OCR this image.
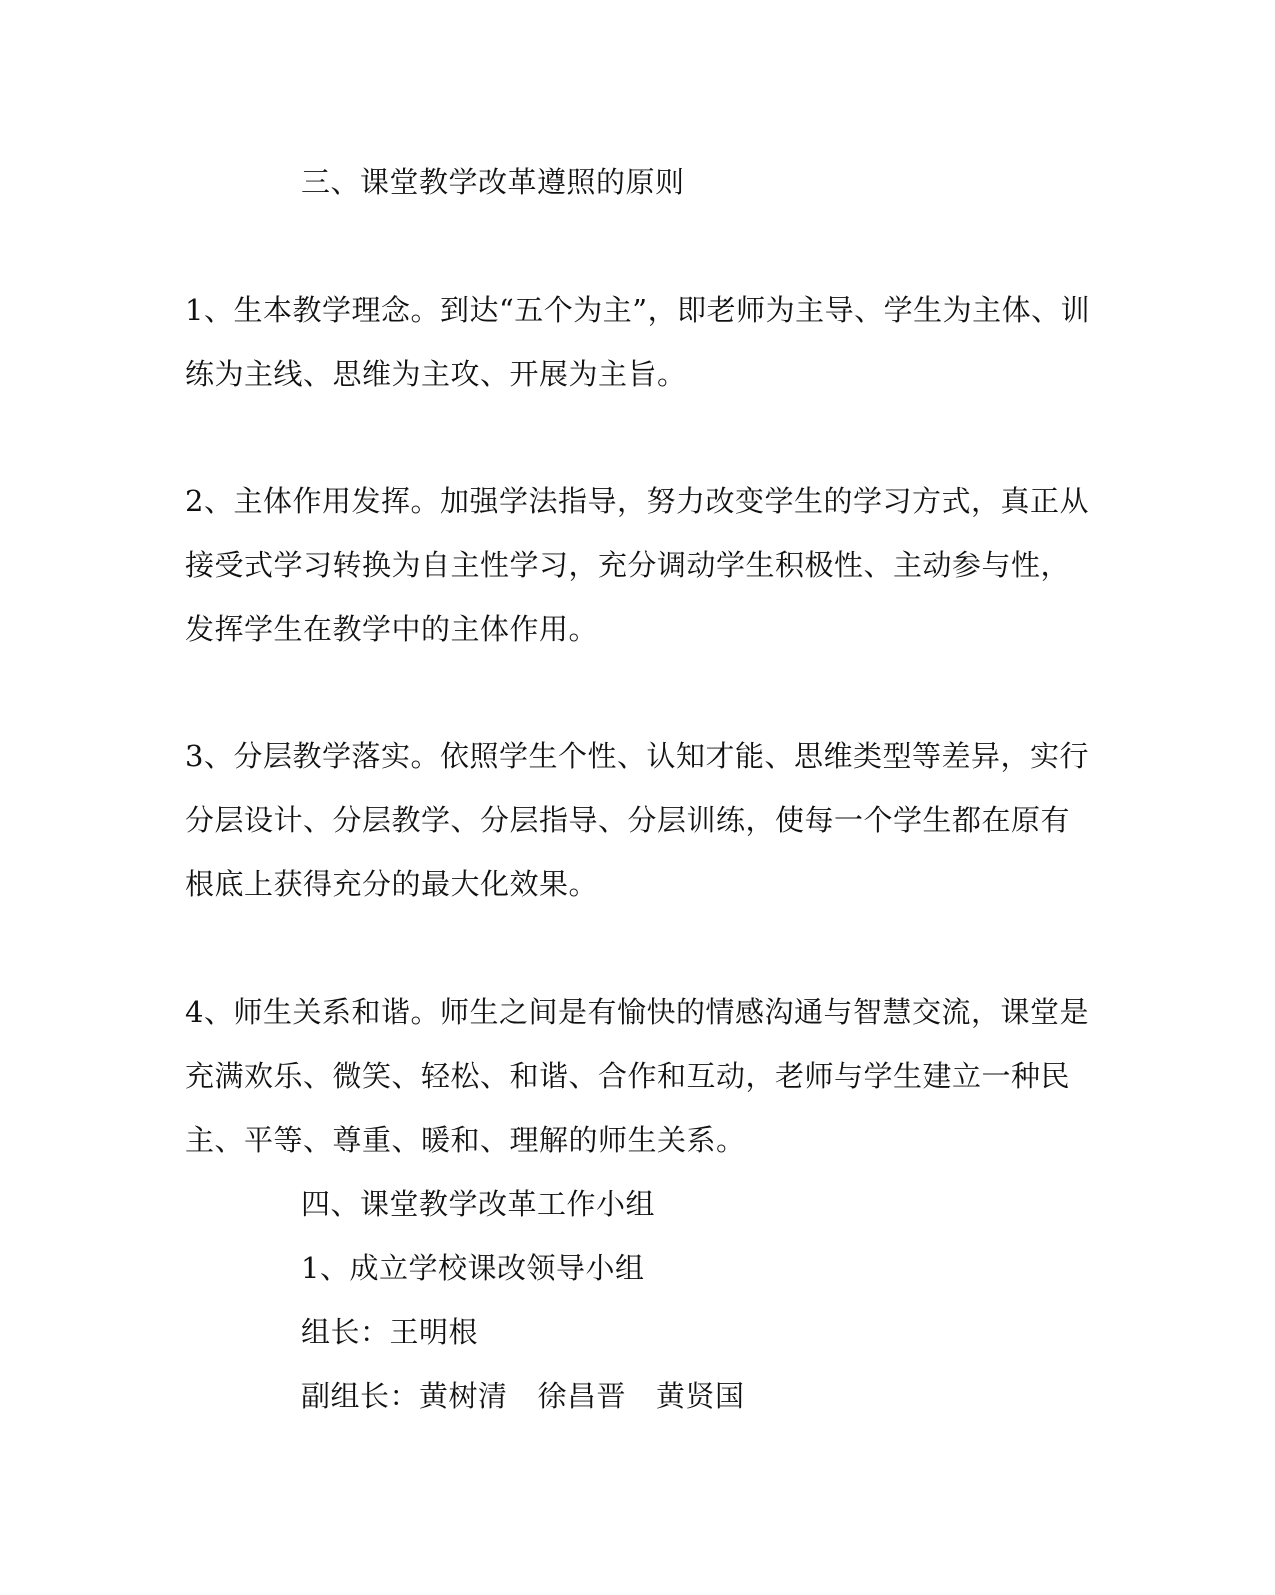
三、课堂教学改革遵照的原则
1、生本教学理念。到达“五个为主”，即老师为主导、学生为主体、训
练为主线、思维为主攻、开展为主旨。
2、主体作用发挥。加强学法指导，努力改变学生的学习方式，真正从
接受式学习转换为自主性学习，充分调动学生积极性、主动参与性，
发挥学生在教学中的主体作用。
3、分层教学落实。依照学生个性、认知才能、思维类型等差异，实行
分层设计、分层教学、分层指导、分层训练，使每一个学生都在原有
根底上获得充分的最大化效果。
4、师生关系和谐。师生之间是有愉快的情感沟通与智慧交流，课堂是
充满欢乐、微笑、轻松、和谐、合作和互动，老师与学生建立一种民
主、平等、尊重、暖和、理解的师生关系。
四、课堂教学改革工作小组
1、成立学校课改领导小组
组长：王明根
副组长：黄树清 徐昌晋 黄贤国
